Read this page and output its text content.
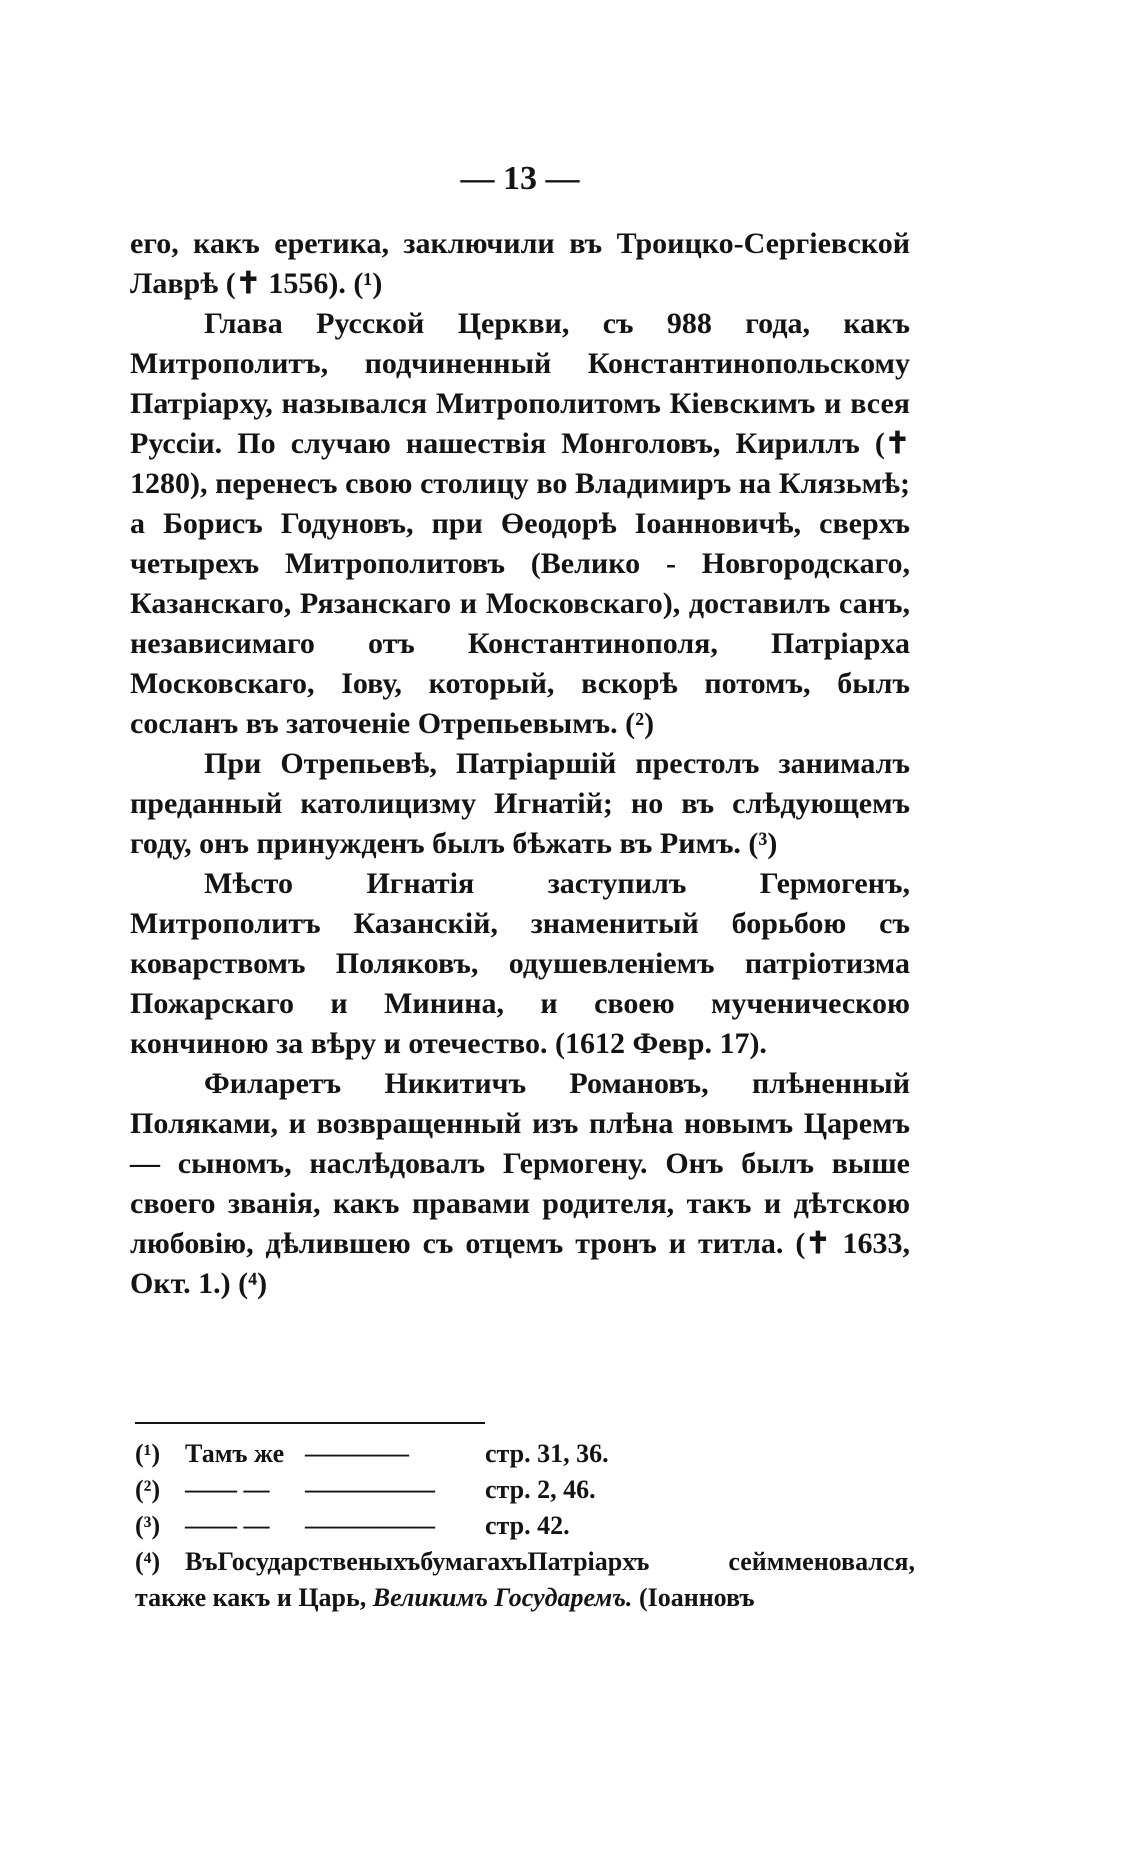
— 13 —

его, какъ еретика, заключили въ Троицко-Сергiевской Лаврѣ (✝ 1556). (¹)

Глава Русской Церкви, съ 988 года, какъ Митрополитъ, подчиненный Константинопольскому Патрiарху, назывался Митрополитомъ Кiевскимъ и всея Руссiи. По случаю нашествiя Монголовъ, Кириллъ (✝ 1280), перенесъ свою столицу во Владимиръ на Клязьмѣ; а Борисъ Годуновъ, при Өеодорѣ Iоанновичѣ, сверхъ четырехъ Митрополитовъ (Велико - Новгородскаго, Казанскаго, Рязанскаго и Московскаго), доставилъ санъ, независимаго отъ Константинополя, Патрiарха Московскаго, Iову, который, вскорѣ потомъ, былъ сосланъ въ заточенiе Отрепьевымъ. (²)

При Отрепьевѣ, Патрiаршiй престолъ занималъ преданный католицизму Игнатiй; но въ слѣдующемъ году, онъ принужденъ былъ бѣжать въ Римъ. (³)

Мѣсто Игнатiя заступилъ Гермогенъ, Митрополитъ Казанскiй, знаменитый борьбою съ коварствомъ Поляковъ, одушевленiемъ патрiотизма Пожарскаго и Минина, и своею мученическою кончиною за вѣру и отечество. (1612 Февр. 17).

Филаретъ Никитичъ Романовъ, плѣненный Поляками, и возвращенный изъ плѣна новымъ Царемъ — сыномъ, наслѣдовалъ Гермогену. Онъ былъ выше своего званiя, какъ правами родителя, такъ и дѣтскою любовiю, дѣлившею съ отцемъ тронъ и титла. (✝ 1633, Окт. 1.) (⁴)

(¹) Тамъ же ————	стр. 31, 36.
(²) —— —	—————	стр. 2, 46.
(³) —— —	—————	стр. 42.
(⁴) ВъГосударственыхъбумагахъПатрiархъ сеймменовался, также какъ и Царь, Великимъ Государемъ. (Iоанновъ
